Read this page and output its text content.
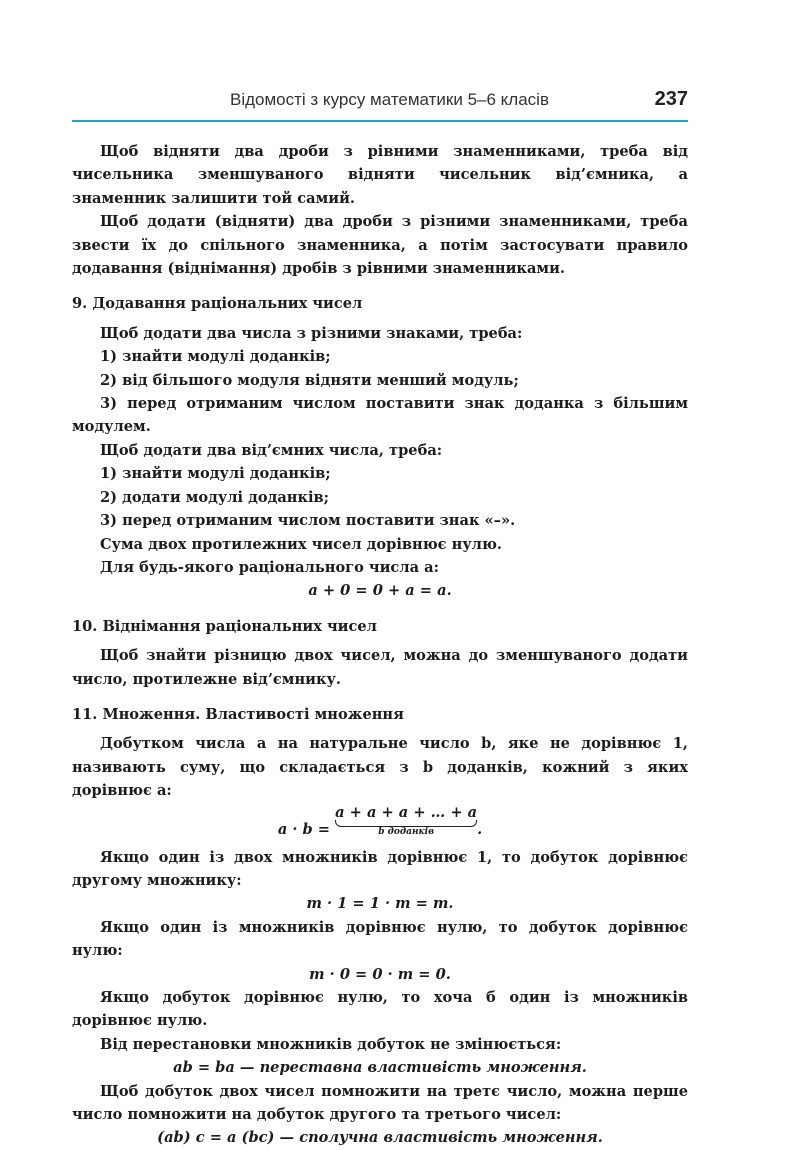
Відомості з курсу математики 5–6 класів	237

Щоб відняти два дроби з рівними знаменниками, треба від чисельника зменшуваного відняти чисельник від’ємника, а знаменник залишити той самий.

Щоб додати (відняти) два дроби з різними знаменниками, треба звести їх до спільного знаменника, а потім застосувати правило додавання (віднімання) дробів з рівними знаменниками.

9. Додавання раціональних чисел

Щоб додати два числа з різними знаками, треба:

1) знайти модулі доданків;

2) від більшого модуля відняти менший модуль;

3) перед отриманим числом поставити знак доданка з більшим модулем.

Щоб додати два від’ємних числа, треба:

1) знайти модулі доданків;

2) додати модулі доданків;

3) перед отриманим числом поставити знак «–».

Сума двох протилежних чисел дорівнює нулю.

Для будь-якого раціонального числа a:

a + 0 = 0 + a = a.

10. Віднімання раціональних чисел

Щоб знайти різницю двох чисел, можна до зменшуваного додати число, протилежне від’ємнику.

11. Множення. Властивості множення

Добутком числа a на натуральне число b, яке не дорівнює 1, називають суму, що складається з b доданків, кожний з яких дорівнює a:

a · b = a + a + a + … + a
b доданків	.

Якщо один із двох множників дорівнює 1, то добуток дорівнює другому множнику:

m · 1 = 1 · m = m.

Якщо один із множників дорівнює нулю, то добуток дорівнює нулю:

m · 0 = 0 · m = 0.

Якщо добуток дорівнює нулю, то хоча б один із множників дорівнює нулю.

Від перестановки множників добуток не змінюється:

ab = ba — переставна властивість множення.

Щоб добуток двох чисел помножити на третє число, можна перше число помножити на добуток другого та третього чисел:

(ab) c = a (bc) — сполучна властивість множення.
